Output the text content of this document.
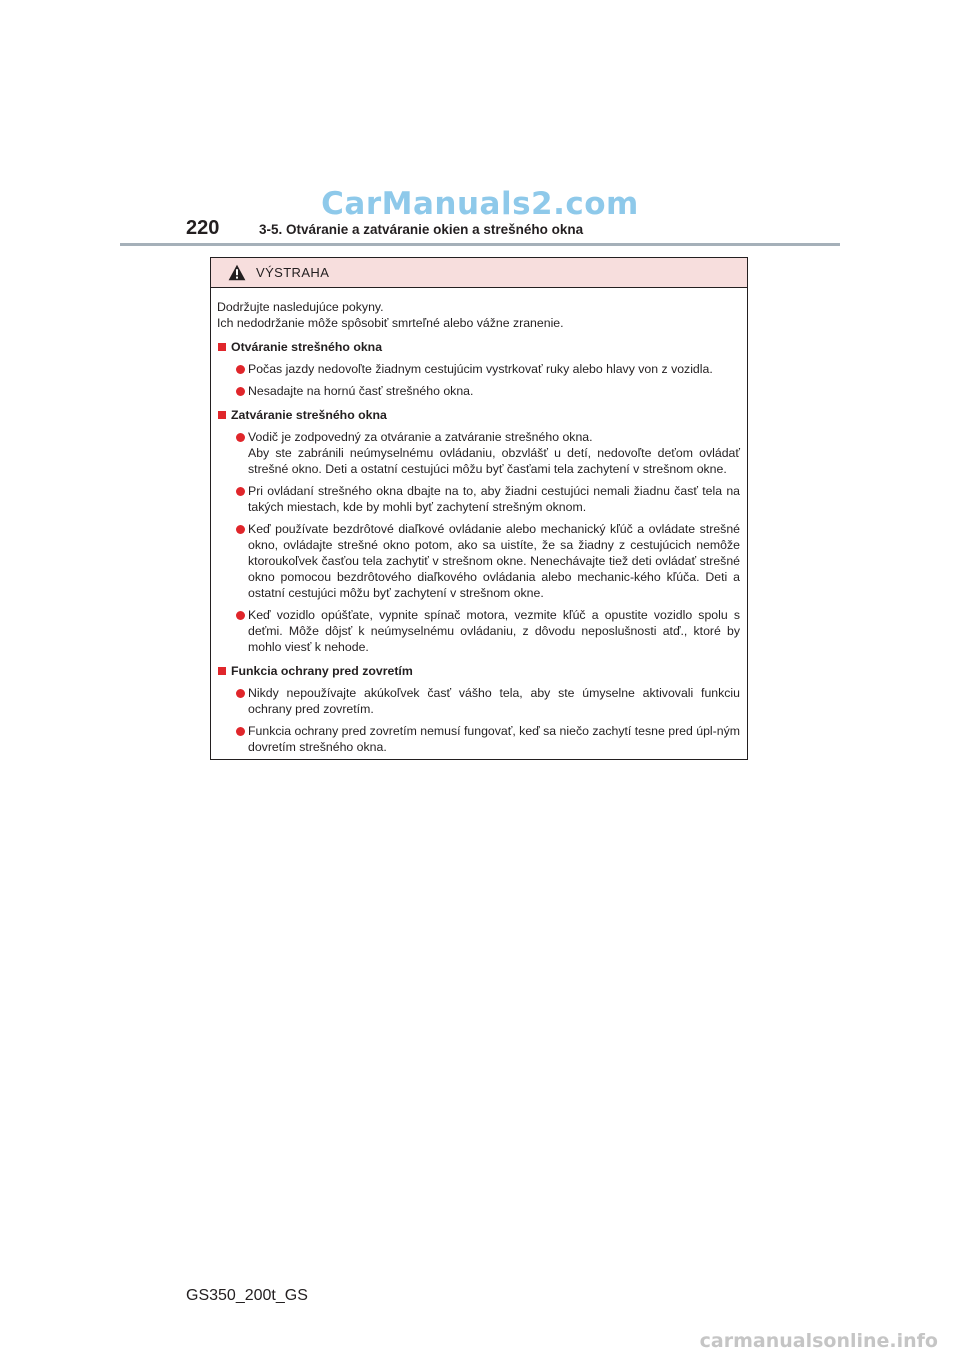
CarManuals2.com
220	3-5. Otváranie a zatváranie okien a strešného okna
VÝSTRAHA

Dodržujte nasledujúce pokyny.

Ich nedodržanie môže spôsobiť smrteľné alebo vážne zranenie.

Otváranie strešného okna

Počas jazdy nedovoľte žiadnym cestujúcim vystrkovať ruky alebo hlavy von z vozidla.

Nesadajte na hornú časť strešného okna.

Zatváranie strešného okna

Vodič je zodpovedný za otváranie a zatváranie strešného okna.

Aby ste zabránili neúmyselnému ovládaniu, obzvlášť u detí, nedovoľte deťom ovládať strešné okno. Deti a ostatní cestujúci môžu byť časťami tela zachytení v strešnom okne.

Pri ovládaní strešného okna dbajte na to, aby žiadni cestujúci nemali žiadnu časť tela na takých miestach, kde by mohli byť zachytení strešným oknom.

Keď používate bezdrôtové diaľkové ovládanie alebo mechanický kľúč a ovládate strešné okno, ovládajte strešné okno potom, ako sa uistíte, že sa žiadny z cestujúcich nemôže ktoroukoľvek časťou tela zachytiť v strešnom okne. Nenechávajte tiež deti ovládať strešné okno pomocou bezdrôtového diaľkového ovládania alebo mechanic-kého kľúča. Deti a ostatní cestujúci môžu byť zachytení v strešnom okne.

Keď vozidlo opúšťate, vypnite spínač motora, vezmite kľúč a opustite vozidlo spolu s deťmi. Môže dôjsť k neúmyselnému ovládaniu, z dôvodu neposlušnosti atď., ktoré by mohlo viesť k nehode.

Funkcia ochrany pred zovretím

Nikdy nepoužívajte akúkoľvek časť vášho tela, aby ste úmyselne aktivovali funkciu ochrany pred zovretím.

Funkcia ochrany pred zovretím nemusí fungovať, keď sa niečo zachytí tesne pred úpl-ným dovretím strešného okna.

GS350_200t_GS
carmanualsonline.info
